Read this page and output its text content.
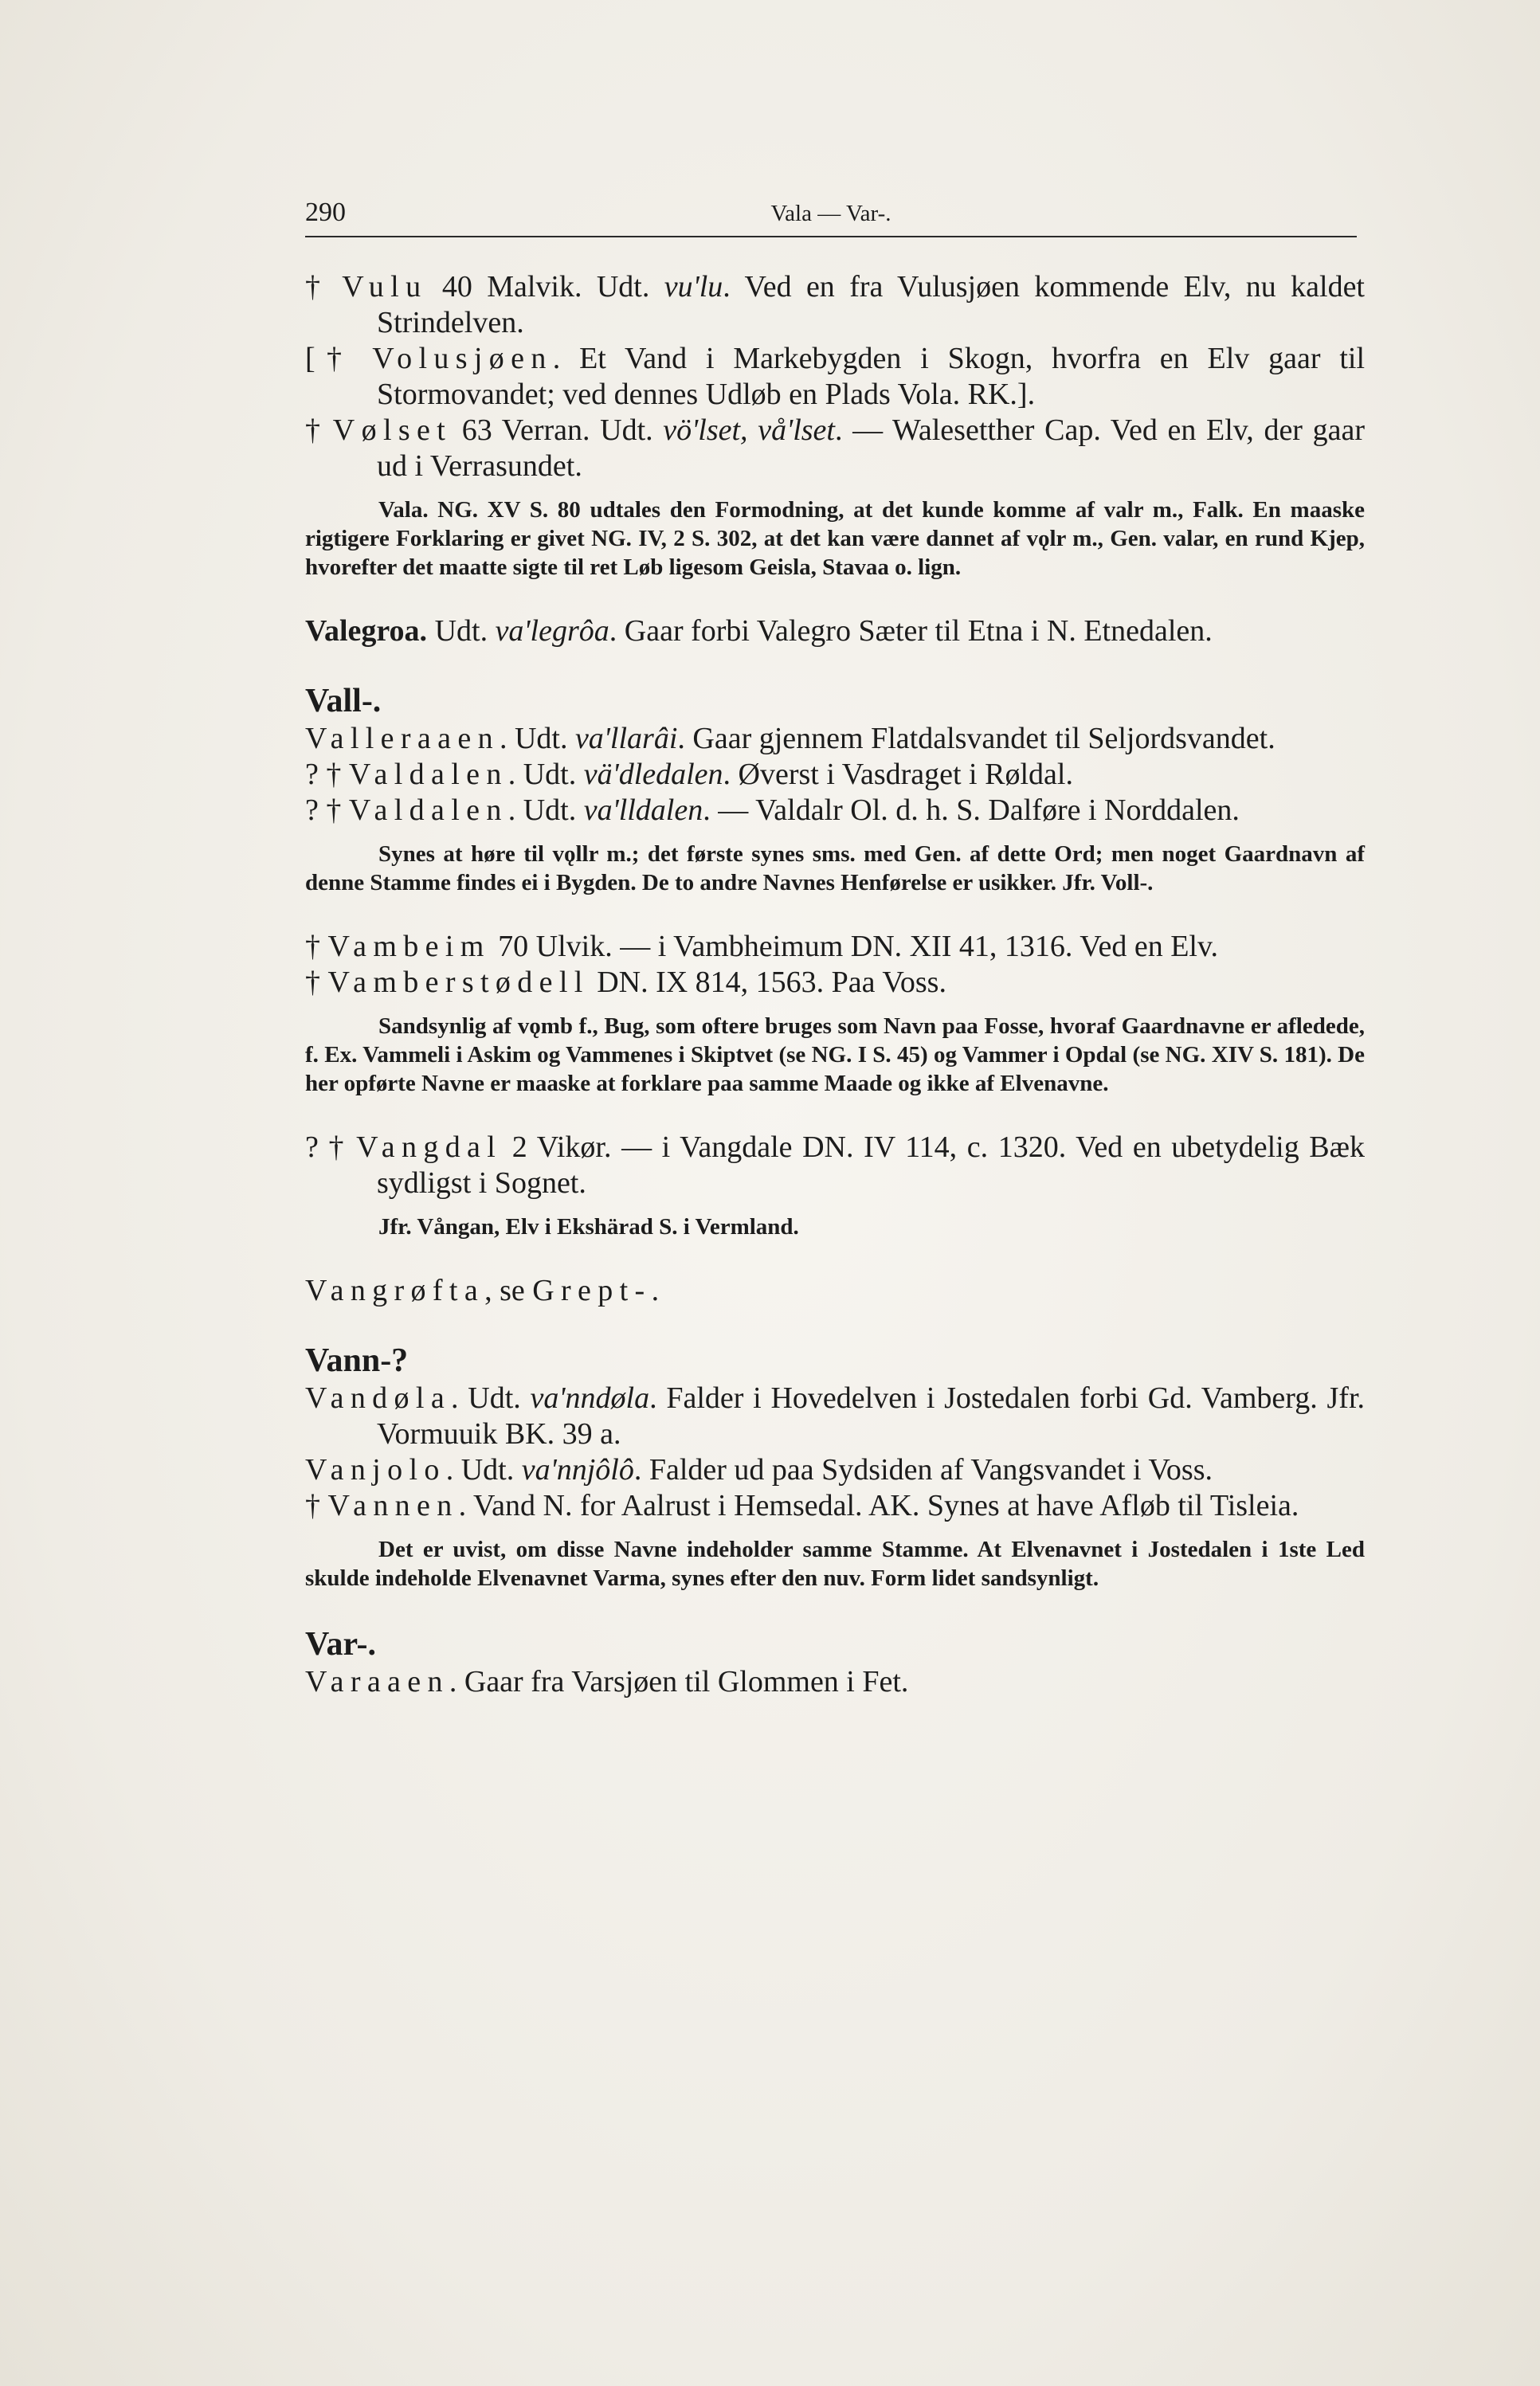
290	Vala — Var-.
† Vulu 40 Malvik. Udt. vu'lu. Ved en fra Vulusjøen kommende Elv, nu kaldet Strindelven.
[† Volusjøen. Et Vand i Markebygden i Skogn, hvorfra en Elv gaar til Stormovandet; ved dennes Udløb en Plads Vola. RK.].
† Vølset 63 Verran. Udt. vö'lset, vå'lset. — Walesetther Cap. Ved en Elv, der gaar ud i Verrasundet.
Vala. NG. XV S. 80 udtales den Formodning, at det kunde komme af valr m., Falk. En maaske rigtigere Forklaring er givet NG. IV, 2 S. 302, at det kan være dannet af vǫlr m., Gen. valar, en rund Kjep, hvorefter det maatte sigte til ret Løb ligesom Geisla, Stavaa o. lign.
Valegroa. Udt. va'legrôa. Gaar forbi Valegro Sæter til Etna i N. Etnedalen.
Vall-.
Valleraaen. Udt. va'llarâi. Gaar gjennem Flatdalsvandet til Seljordsvandet.
? † Valdalen. Udt. vä'dledalen. Øverst i Vasdraget i Røldal.
? † Valdalen. Udt. va'lldalen. — Valdalr Ol. d. h. S. Dalføre i Norddalen.
Synes at høre til vǫllr m.; det første synes sms. med Gen. af dette Ord; men noget Gaardnavn af denne Stamme findes ei i Bygden. De to andre Navnes Henførelse er usikker. Jfr. Voll-.
† Vambeim 70 Ulvik. — i Vambheimum DN. XII 41, 1316. Ved en Elv.
† Vamberstødell DN. IX 814, 1563. Paa Voss.
Sandsynlig af vǫmb f., Bug, som oftere bruges som Navn paa Fosse, hvoraf Gaardnavne er afledede, f. Ex. Vammeli i Askim og Vammenes i Skiptvet (se NG. I S. 45) og Vammer i Opdal (se NG. XIV S. 181). De her opførte Navne er maaske at forklare paa samme Maade og ikke af Elvenavne.
? † Vangdal 2 Vikør. — i Vangdale DN. IV 114, c. 1320. Ved en ubetydelig Bæk sydligst i Sognet.
Jfr. Vångan, Elv i Ekshärad S. i Vermland.
Vangrøfta, se Grept-.
Vann-?
Vandøla. Udt. va'nndøla. Falder i Hovedelven i Jostedalen forbi Gd. Vamberg. Jfr. Vormuuik BK. 39 a.
Vanjolo. Udt. va'nnjôlô. Falder ud paa Sydsiden af Vangsvandet i Voss.
† Vannen. Vand N. for Aalrust i Hemsedal. AK. Synes at have Afløb til Tisleia.
Det er uvist, om disse Navne indeholder samme Stamme. At Elvenavnet i Jostedalen i 1ste Led skulde indeholde Elvenavnet Varma, synes efter den nuv. Form lidet sandsynligt.
Var-.
Varaaen. Gaar fra Varsjøen til Glommen i Fet.
